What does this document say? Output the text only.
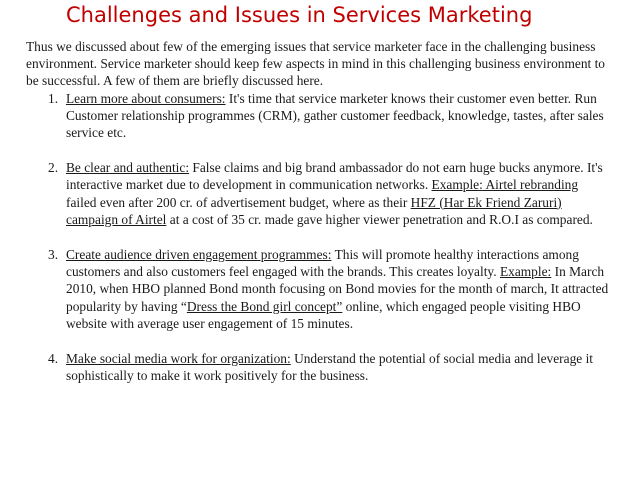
Challenges and Issues in Services Marketing

Thus we discussed about few of the emerging issues that service marketer face in the challenging business environment. Service marketer should keep few aspects in mind in this challenging business environment to be successful. A few of them are briefly discussed here.

1. Learn more about consumers: It's time that service marketer knows their customer even better. Run Customer relationship programmes (CRM), gather customer feedback, knowledge, tastes, after sales service etc.

2. Be clear and authentic: False claims and big brand ambassador do not earn huge bucks anymore. It's interactive market due to development in communication networks. Example: Airtel rebranding failed even after 200 cr. of advertisement budget, where as their HFZ (Har Ek Friend Zaruri) campaign of Airtel at a cost of 35 cr. made gave higher viewer penetration and R.O.I as compared.

3. Create audience driven engagement programmes: This will promote healthy interactions among customers and also customers feel engaged with the brands. This creates loyalty. Example: In March 2010, when HBO planned Bond month focusing on Bond movies for the month of march, It attracted popularity by having “Dress the Bond girl concept” online, which engaged people visiting HBO website with average user engagement of 15 minutes.

4. Make social media work for organization: Understand the potential of social media and leverage it sophistically to make it work positively for the business.
